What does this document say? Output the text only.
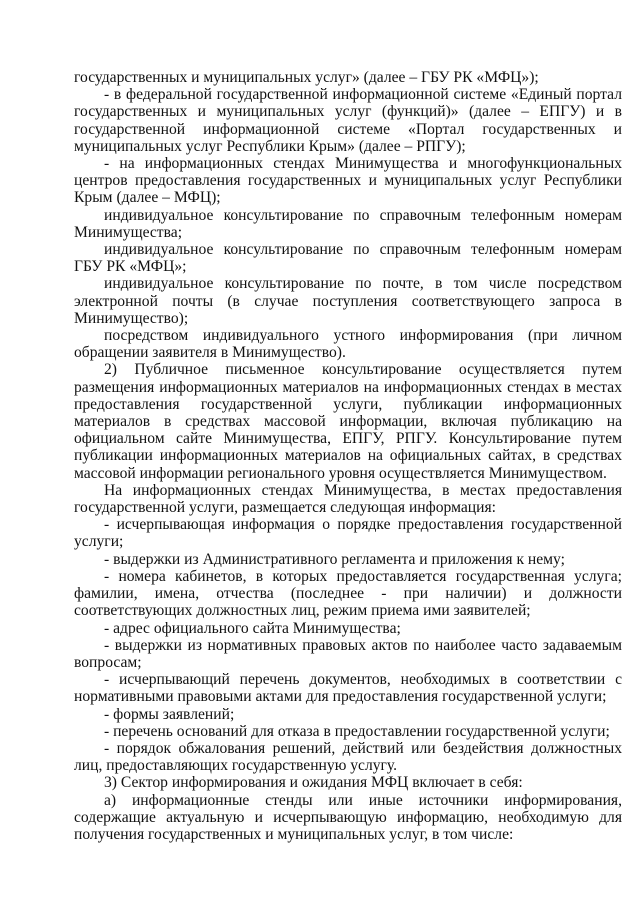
государственных и муниципальных услуг» (далее – ГБУ РК «МФЦ»);

- в федеральной государственной информационной системе «Единый портал государственных и муниципальных услуг (функций)» (далее – ЕПГУ) и в государственной информационной системе «Портал государственных и муниципальных услуг Республики Крым» (далее – РПГУ);

- на информационных стендах Минимущества и многофункциональных центров предоставления государственных и муниципальных услуг Республики Крым (далее – МФЦ);

индивидуальное консультирование по справочным телефонным номерам Минимущества;

индивидуальное консультирование по справочным телефонным номерам ГБУ РК «МФЦ»;

индивидуальное консультирование по почте, в том числе посредством электронной почты (в случае поступления соответствующего запроса в Минимущество);

посредством индивидуального устного информирования (при личном обращении заявителя в Минимущество).

2) Публичное письменное консультирование осуществляется путем размещения информационных материалов на информационных стендах в местах предоставления государственной услуги, публикации информационных материалов в средствах массовой информации, включая публикацию на официальном сайте Минимущества, ЕПГУ, РПГУ. Консультирование путем публикации информационных материалов на официальных сайтах, в средствах массовой информации регионального уровня осуществляется Минимуществом.

На информационных стендах Минимущества, в местах предоставления государственной услуги, размещается следующая информация:

- исчерпывающая информация о порядке предоставления государственной услуги;

- выдержки из Административного регламента и приложения к нему;

- номера кабинетов, в которых предоставляется государственная услуга; фамилии, имена, отчества (последнее - при наличии) и должности соответствующих должностных лиц, режим приема ими заявителей;

- адрес официального сайта Минимущества;

- выдержки из нормативных правовых актов по наиболее часто задаваемым вопросам;

- исчерпывающий перечень документов, необходимых в соответствии с нормативными правовыми актами для предоставления государственной услуги;

- формы заявлений;

- перечень оснований для отказа в предоставлении государственной услуги;

- порядок обжалования решений, действий или бездействия должностных лиц, предоставляющих государственную услугу.

3) Сектор информирования и ожидания МФЦ включает в себя:

а) информационные стенды или иные источники информирования, содержащие актуальную и исчерпывающую информацию, необходимую для получения государственных и муниципальных услуг, в том числе:
